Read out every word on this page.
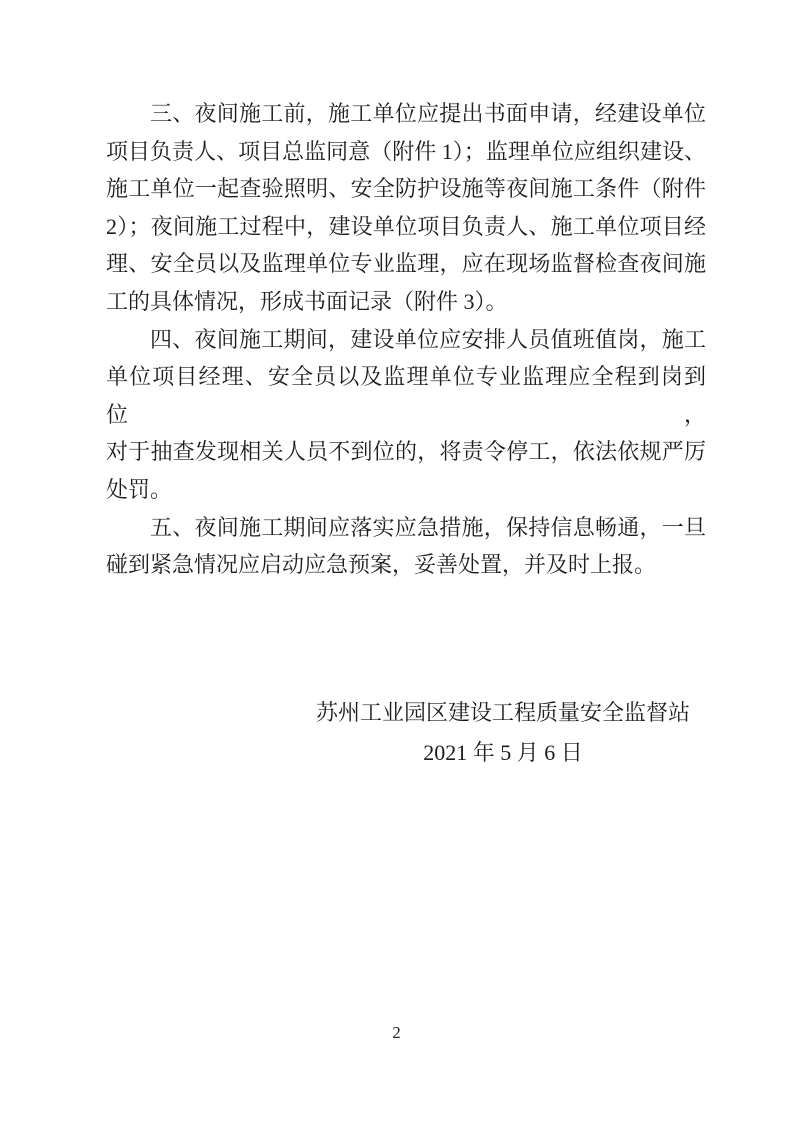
三、夜间施工前，施工单位应提出书面申请，经建设单位
项目负责人、项目总监同意（附件 1）；监理单位应组织建设、
施工单位一起查验照明、安全防护设施等夜间施工条件（附件
2）；夜间施工过程中，建设单位项目负责人、施工单位项目经
理、安全员以及监理单位专业监理，应在现场监督检查夜间施
工的具体情况，形成书面记录（附件 3）。
四、夜间施工期间，建设单位应安排人员值班值岗，施工
单位项目经理、安全员以及监理单位专业监理应全程到岗到位，
对于抽查发现相关人员不到位的，将责令停工，依法依规严厉
处罚。
五、夜间施工期间应落实应急措施，保持信息畅通，一旦
碰到紧急情况应启动应急预案，妥善处置，并及时上报。
苏州工业园区建设工程质量安全监督站
2021 年 5 月 6 日
2
